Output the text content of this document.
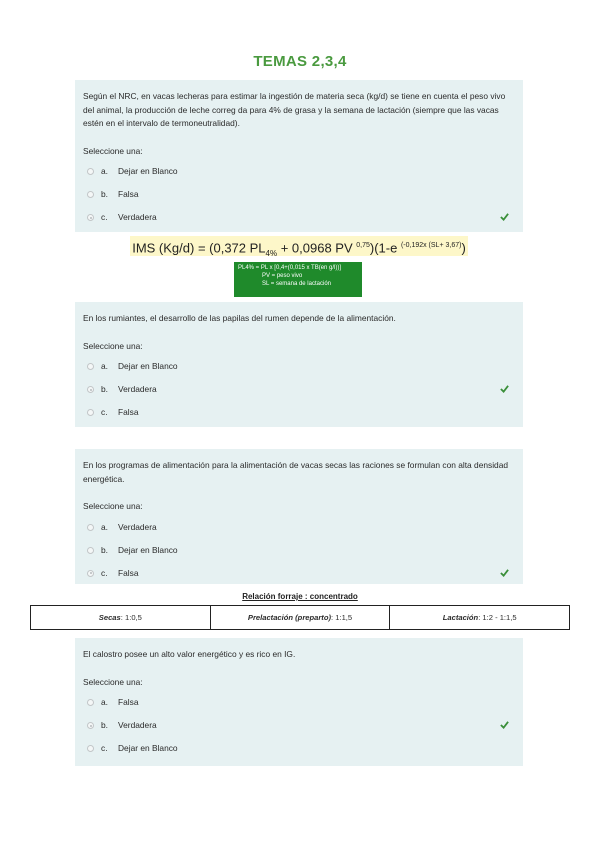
TEMAS 2,3,4

Según el NRC, en vacas lecheras para estimar la ingestión de materia seca (kg/d) se tiene en cuenta el peso vivo del animal, la producción de leche correg da para 4% de grasa y la semana de lactación (siempre que las vacas estén en el intervalo de termoneutralidad).

Seleccione una:

a.	Dejar en Blanco
b.	Falsa
c.	Verdadera
IMS (Kg/d) = (0,372 $PL_{4\%} + 0,0968$ PV $^{0,75}$)(1-e $^{(-0,192x (SL+ 3,67)}$)
PL4% = PL x [0,4+(0,015 x TB(en g/l))]
PV = peso vivo
SL = semana de lactación

En los rumiantes, el desarrollo de las papilas del rumen depende de la alimentación.

Seleccione una:

a.	Dejar en Blanco
b.	Verdadera
c.	Falsa

En los programas de alimentación para la alimentación de vacas secas las raciones se formulan con alta densidad energética.

Seleccione una:

a.	Verdadera
b.	Dejar en Blanco
c.	Falsa
Relación forraje : concentrado
Secas: 1:0,5	Prelactación (preparto): 1:1,5	Lactación: 1:2 - 1:1,5

El calostro posee un alto valor energético y es rico en IG.

Seleccione una:

a.	Falsa
b.	Verdadera
c.	Dejar en Blanco
